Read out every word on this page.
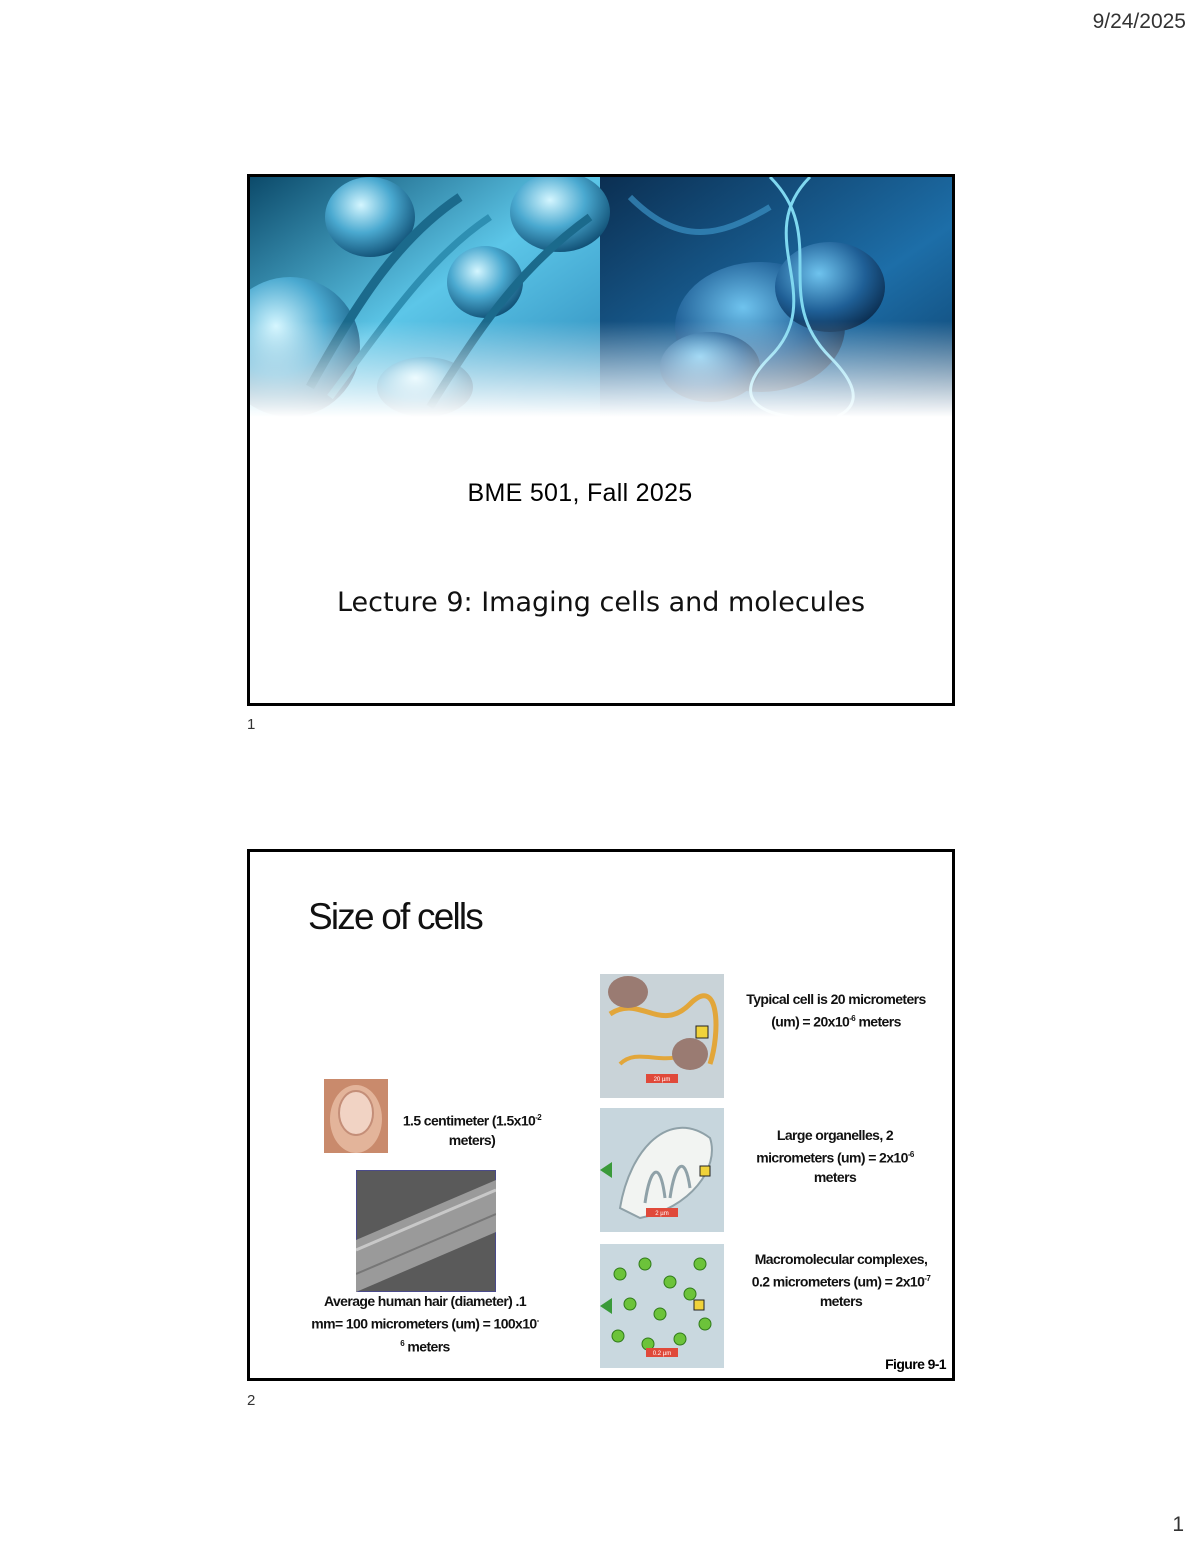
9/24/2025
BME 501, Fall 2025
Lecture 9: Imaging cells and molecules
1
Size of cells
1.5 centimeter ($1.5x10^{-2}$ meters)
Average human hair (diameter) .1 mm= 100 micrometers $(um) = 100x10^{-6}$ meters
20 µm
Typical cell is 20 micrometers $(um) = 20x10^{-6}$ meters
2 µm
Large organelles, 2 micrometers $(um) = 2x10^{-6}$ meters
0.2 µm
Macromolecular complexes, 0.2 micrometers $(um) = 2x10^{-7}$ meters
Figure 9-1
2
1
